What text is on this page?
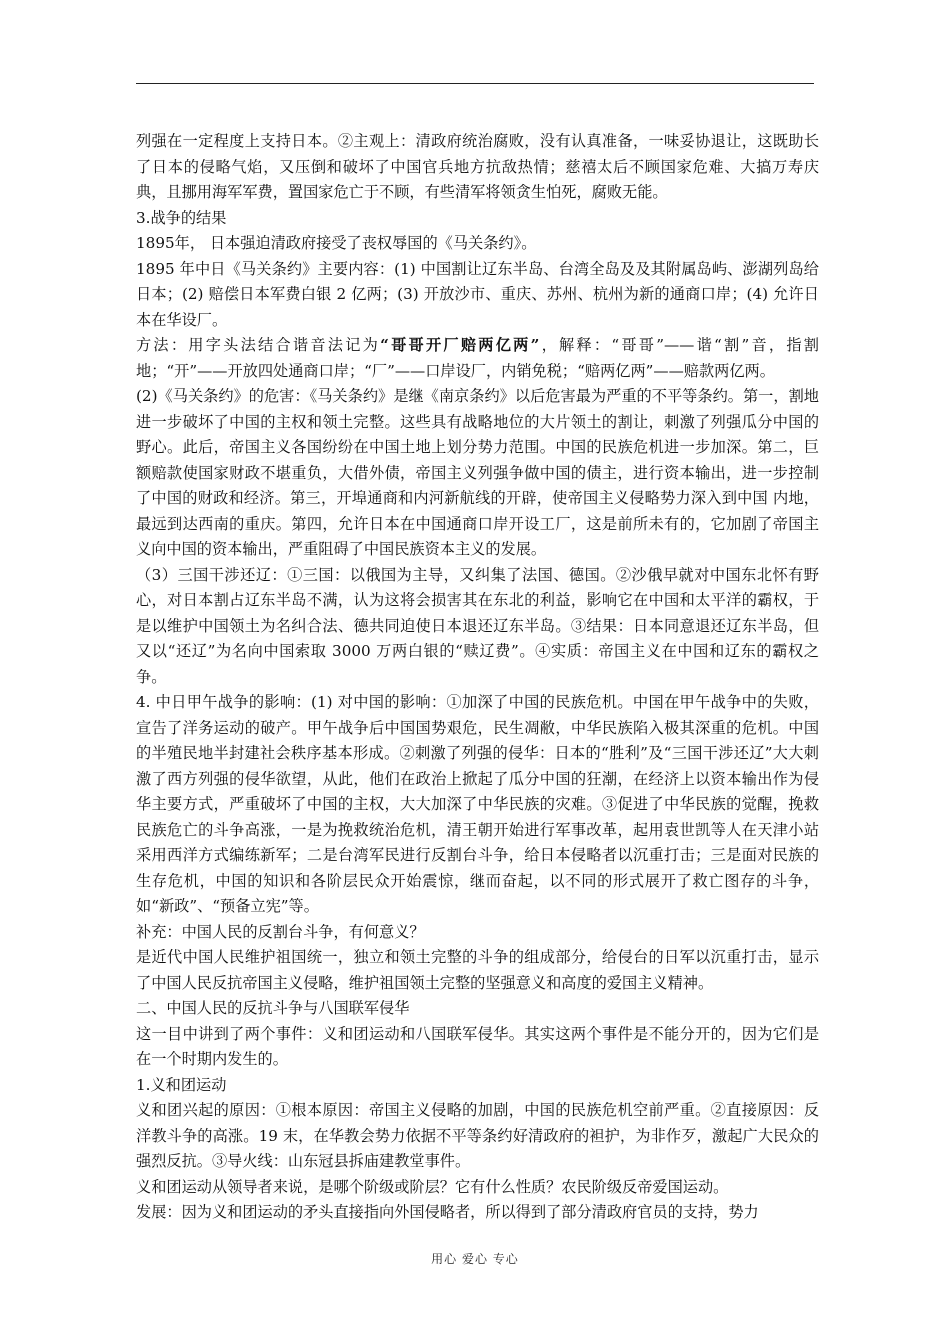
列强在一定程度上支持日本。②主观上：清政府统治腐败，没有认真准备，一味妥协退让，这既助长了日本的侵略气焰，又压倒和破坏了中国官兵地方抗敌热情；慈禧太后不顾国家危难、大搞万寿庆典，且挪用海军军费，置国家危亡于不顾，有些清军将领贪生怕死，腐败无能。

3.战争的结果

1895年， 日本强迫清政府接受了丧权辱国的《马关条约》。

1895 年中日《马关条约》主要内容：(1) 中国割让辽东半岛、台湾全岛及及其附属岛屿、澎湖列岛给日本；(2) 赔偿日本军费白银 2 亿两；(3) 开放沙市、重庆、苏州、杭州为新的通商口岸；(4) 允许日本在华设厂。

方法：用字头法结合谐音法记为“哥哥开厂赔两亿两”，解释：“哥哥”——谐“割”音，指割地；“开”——开放四处通商口岸；“厂”——口岸设厂，内销免税；“赔两亿两”——赔款两亿两。

(2)《马关条约》的危害：《马关条约》是继《南京条约》以后危害最为严重的不平等条约。第一，割地进一步破坏了中国的主权和领土完整。这些具有战略地位的大片领土的割让，刺激了列强瓜分中国的野心。此后，帝国主义各国纷纷在中国土地上划分势力范围。中国的民族危机进一步加深。第二，巨额赔款使国家财政不堪重负，大借外债，帝国主义列强争做中国的债主，进行资本输出，进一步控制了中国的财政和经济。第三，开埠通商和内河新航线的开辟，使帝国主义侵略势力深入到中国 内地，最远到达西南的重庆。第四，允许日本在中国通商口岸开设工厂，这是前所未有的，它加剧了帝国主义向中国的资本输出，严重阻碍了中国民族资本主义的发展。

（3）三国干涉还辽：①三国：以俄国为主导，又纠集了法国、德国。②沙俄早就对中国东北怀有野心，对日本割占辽东半岛不满，认为这将会损害其在东北的利益，影响它在中国和太平洋的霸权，于是以维护中国领土为名纠合法、德共同迫使日本退还辽东半岛。③结果：日本同意退还辽东半岛，但又以“还辽”为名向中国索取 3000 万两白银的“赎辽费”。④实质：帝国主义在中国和辽东的霸权之争。

4. 中日甲午战争的影响：(1) 对中国的影响：①加深了中国的民族危机。中国在甲午战争中的失败，宣告了洋务运动的破产。甲午战争后中国国势艰危，民生凋敝，中华民族陷入极其深重的危机。中国的半殖民地半封建社会秩序基本形成。②刺激了列强的侵华：日本的“胜利”及“三国干涉还辽”大大刺激了西方列强的侵华欲望，从此，他们在政治上掀起了瓜分中国的狂潮，在经济上以资本输出作为侵华主要方式，严重破坏了中国的主权，大大加深了中华民族的灾难。③促进了中华民族的觉醒，挽救民族危亡的斗争高涨，一是为挽救统治危机，清王朝开始进行军事改革，起用袁世凯等人在天津小站采用西洋方式编练新军；二是台湾军民进行反割台斗争，给日本侵略者以沉重打击；三是面对民族的生存危机，中国的知识和各阶层民众开始震惊，继而奋起，以不同的形式展开了救亡图存的斗争，如“新政”、“预备立宪”等。

补充：中国人民的反割台斗争，有何意义？

是近代中国人民维护祖国统一，独立和领土完整的斗争的组成部分，给侵台的日军以沉重打击，显示了中国人民反抗帝国主义侵略，维护祖国领土完整的坚强意义和高度的爱国主义精神。

二、中国人民的反抗斗争与八国联军侵华

这一目中讲到了两个事件：义和团运动和八国联军侵华。其实这两个事件是不能分开的，因为它们是在一个时期内发生的。

1.义和团运动

义和团兴起的原因：①根本原因：帝国主义侵略的加剧，中国的民族危机空前严重。②直接原因：反洋教斗争的高涨。19 末，在华教会势力依据不平等条约好清政府的袒护，为非作歹，激起广大民众的强烈反抗。③导火线：山东冠县拆庙建教堂事件。

义和团运动从领导者来说，是哪个阶级或阶层？它有什么性质？农民阶级反帝爱国运动。

发展：因为义和团运动的矛头直接指向外国侵略者，所以得到了部分清政府官员的支持，势力

用心 爱心 专心
